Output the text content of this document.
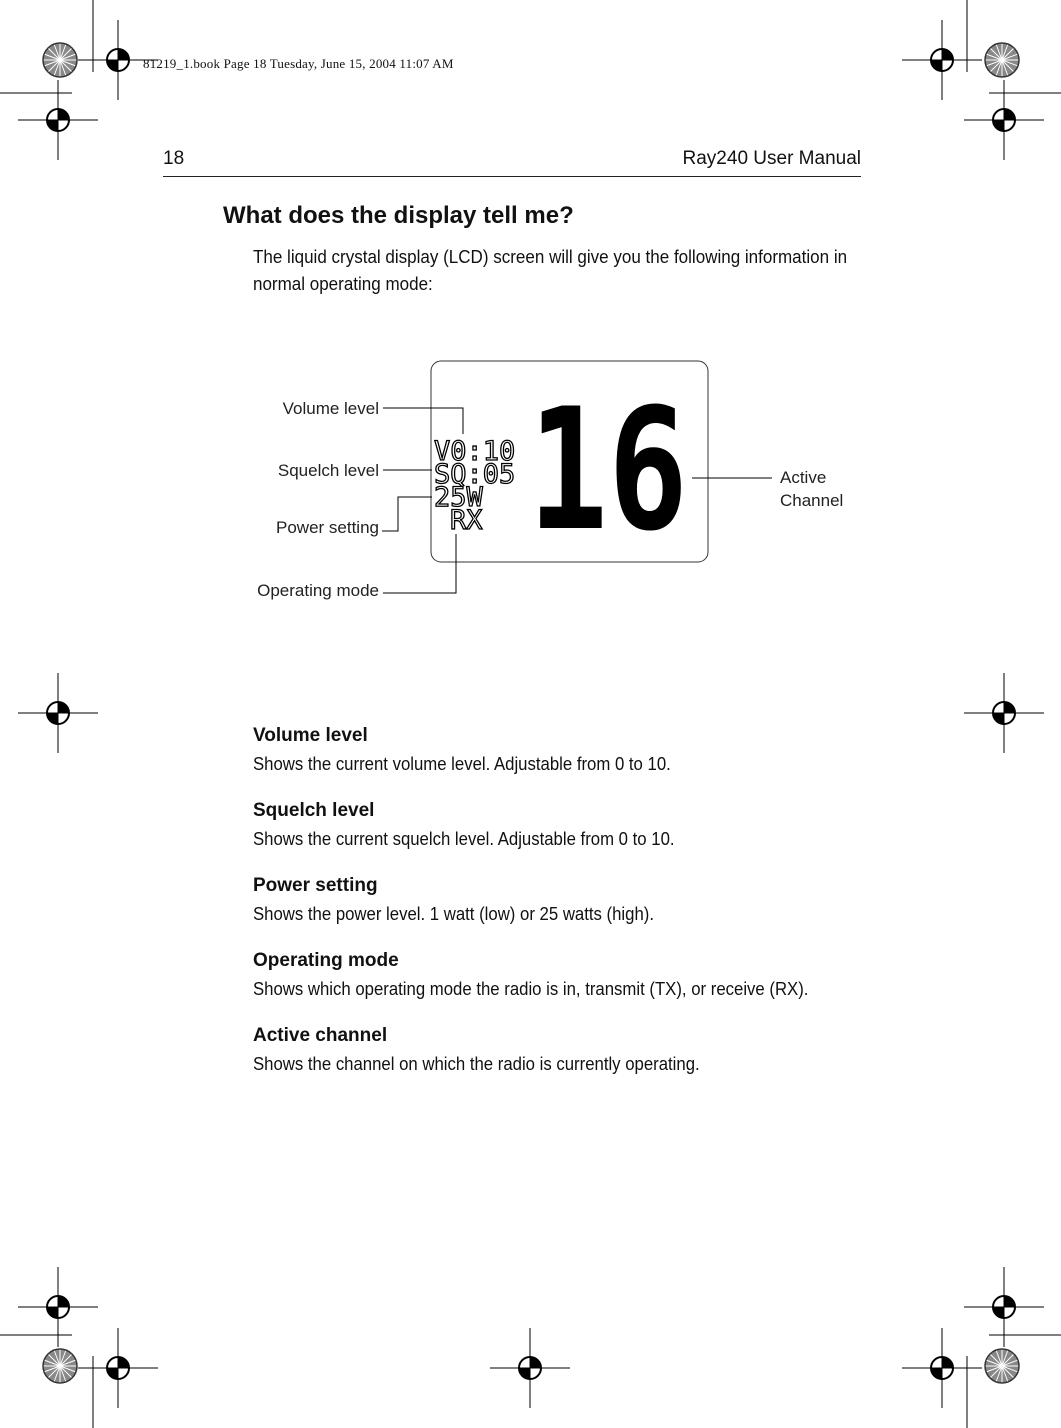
81219_1.book Page 18 Tuesday, June 15, 2004 11:07 AM
18	Ray240 User Manual
What does the display tell me?
The liquid crystal display (LCD) screen will give you the following information in normal operating mode:
V0:10
SQ:05
25W
RX 16
Volume level
Squelch level
Power setting
Operating mode
Active
Channel
Volume level

Shows the current volume level. Adjustable from 0 to 10.

Squelch level

Shows the current squelch level. Adjustable from 0 to 10.

Power setting

Shows the power level. 1 watt (low) or 25 watts (high).

Operating mode

Shows which operating mode the radio is in, transmit (TX), or receive (RX).

Active channel

Shows the channel on which the radio is currently operating.
